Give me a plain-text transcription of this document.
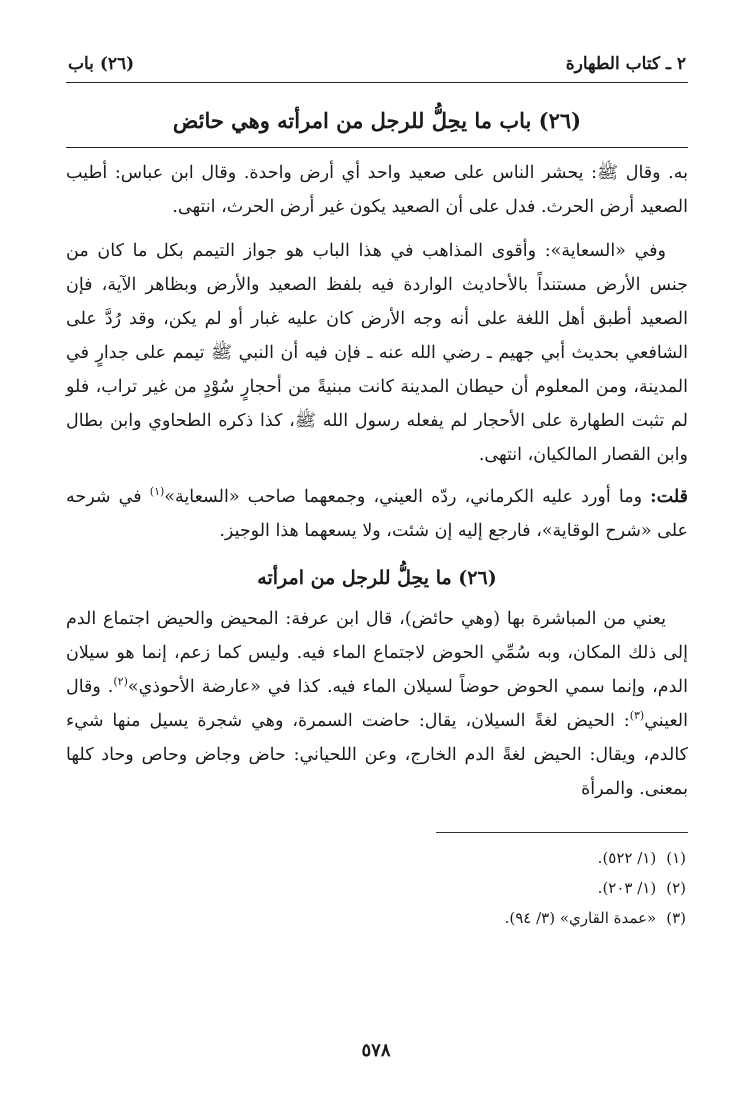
٢ ـ كتاب الطهارة
(٢٦) باب
(٢٦) باب ما يحِلُّ للرجل من امرأته وهي حائض

به. وقال ﷺ: يحشر الناس على صعيد واحد أي أرض واحدة. وقال ابن عباس: أطيب الصعيد أرض الحرث. فدل على أن الصعيد يكون غير أرض الحرث، انتهى.

وفي «السعاية»: وأقوى المذاهب في هذا الباب هو جواز التيمم بكل ما كان من جنس الأرض مستنداً بالأحاديث الواردة فيه بلفظ الصعيد والأرض وبظاهر الآية، فإن الصعيد أطبق أهل اللغة على أنه وجه الأرض كان عليه غبار أو لم يكن، وقد رُدَّ على الشافعي بحديث أبي جهيم ـ رضي الله عنه ـ فإن فيه أن النبي ﷺ تيمم على جدارٍ في المدينة، ومن المعلوم أن حيطان المدينة كانت مبنيةً من أحجارٍ سُوْدٍ من غير تراب، فلو لم تثبت الطهارة على الأحجار لم يفعله رسول الله ﷺ، كذا ذكره الطحاوي وابن بطال وابن القصار المالكيان، انتهى.

قلت: وما أورد عليه الكرماني، ردّه العيني، وجمعهما صاحب «السعاية»$^{(١)}$ في شرحه على «شرح الوقاية»، فارجع إليه إن شئت، ولا يسعهما هذا الوجيز.

(٢٦) ما يحِلُّ للرجل من امرأته

يعني من المباشرة بها (وهي حائض)، قال ابن عرفة: المحيض والحيض اجتماع الدم إلى ذلك المكان، وبه سُمِّي الحوض لاجتماع الماء فيه. وليس كما زعم، إنما هو سيلان الدم، وإنما سمي الحوض حوضاً لسيلان الماء فيه. كذا في «عارضة الأحوذي»$^{(٢)}$. وقال العيني$^{(٣)}$: الحيض لغةً السيلان، يقال: حاضت السمرة، وهي شجرة يسيل منها شيء كالدم، ويقال: الحيض لغةً الدم الخارج، وعن اللحياني: حاض وجاض وحاص وحاد كلها بمعنى. والمرأة

(١)
(١/ ٥٢٢).
(٢)
(١/ ٢٠٣).
(٣)
«عمدة القاري» (٣/ ٩٤).
٥٧٨
